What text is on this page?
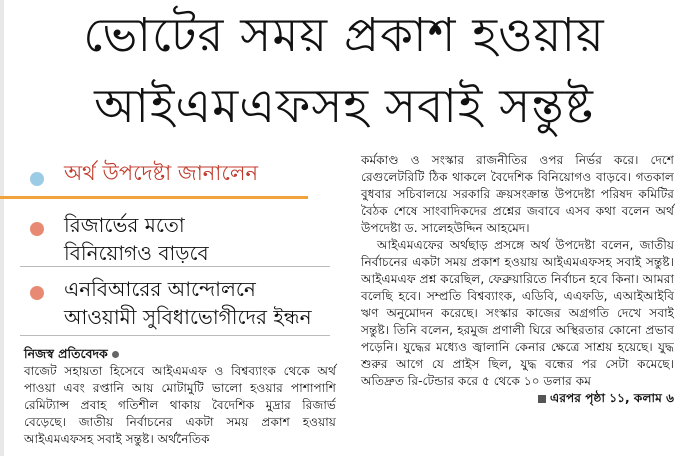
ভোটের সময় প্রকাশ হওয়ায়
আইএমএফসহ সবাই সন্তুষ্ট
অর্থ উপদেষ্টা জানালেন
রিজার্ভের মতো
বিনিয়োগও বাড়বে
এনবিআরের আন্দোলনে
আওয়ামী সুবিধাভোগীদের ইন্ধন

নিজস্ব প্রতিবেদক

বাজেট সহায়তা হিসেবে আইএমএফ ও বিশ্বব্যাংক থেকে অর্থ পাওয়া এবং রপ্তানি আয় মোটামুটি ভালো হওয়ার পাশাপাশি রেমিট্যান্স প্রবাহ গতিশীল থাকায় বৈদেশিক মুদ্রার রিজার্ভ বেড়েছে। জাতীয় নির্বাচনের একটা সময় প্রকাশ হওয়ায় আইএমএফসহ সবাই সন্তুষ্ট। অর্থনৈতিক

কর্মকাণ্ড ও সংস্কার রাজনীতির ওপর নির্ভর করে। দেশে রেগুলেটরিটি ঠিক থাকলে বৈদেশিক বিনিয়োগও বাড়বে। গতকাল বুধবার সচিবালয়ে সরকারি ক্রয়সংক্রান্ত উপদেষ্টা পরিষদ কমিটির বৈঠক শেষে সাংবাদিকদের প্রশ্নের জবাবে এসব কথা বলেন অর্থ উপদেষ্টা ড. সালেহউদ্দিন আহমেদ।

আইএমএফের অর্থছাড় প্রসঙ্গে অর্থ উপদেষ্টা বলেন, জাতীয় নির্বাচনের একটা সময় প্রকাশ হওয়ায় আইএমএফসহ সবাই সন্তুষ্ট। আইএমএফ প্রশ্ন করেছিল, ফেব্রুয়ারিতে নির্বাচন হবে কিনা। আমরা বলেছি হবে। সম্প্রতি বিশ্বব্যাংক, এডিবি, এএফডি, এআইআইবি ঋণ অনুমোদন করেছে। সংস্কার কাজের অগ্রগতি দেখে সবাই সন্তুষ্ট। তিনি বলেন, হরমুজ প্রণালী ঘিরে অস্থিরতার কোনো প্রভাব পড়েনি। যুদ্ধের মধ্যেও জ্বালানি কেনার ক্ষেত্রে সাশ্রয় হয়েছে। যুদ্ধ শুরুর আগে যে প্রাইস ছিল, যুদ্ধ বন্ধের পর সেটা কমেছে। অতিদ্রুত রি-টেন্ডার করে ৫ থেকে ১০ ডলার কম

এরপর পৃষ্ঠা ১১, কলাম ৬
